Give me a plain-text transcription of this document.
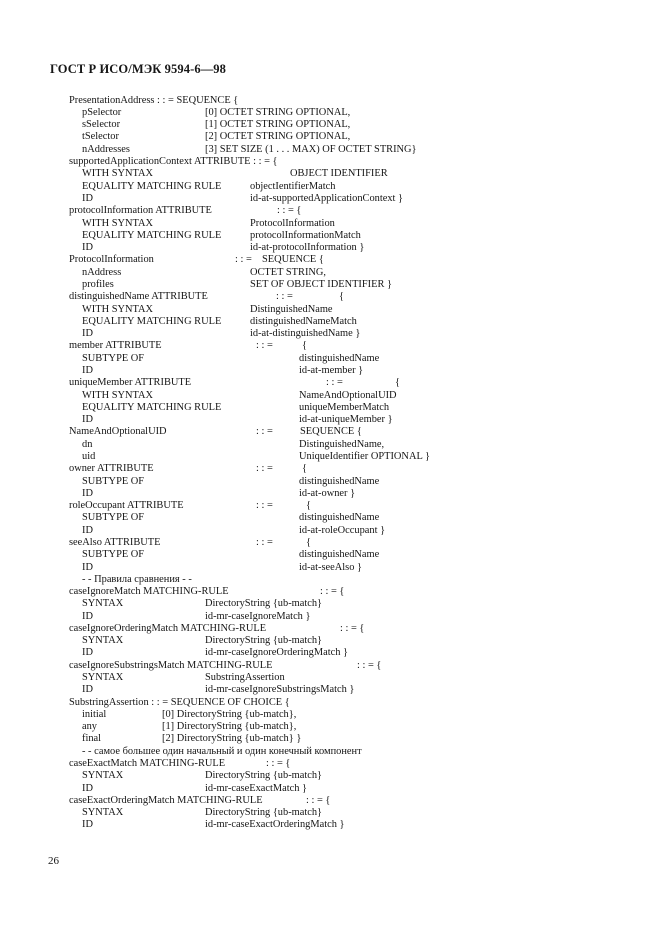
ГОСТ Р ИСО/МЭК 9594-6—98
PresentationAddress : : = SEQUENCE {
pSelector	[0] OCTET STRING OPTIONAL,
sSelector	[1] OCTET STRING OPTIONAL,
tSelector	[2] OCTET STRING OPTIONAL,
nAddresses	[3] SET SIZE (1 . . . MAX) OF OCTET STRING}
supportedApplicationContext ATTRIBUTE : : = {
WITH SYNTAX	OBJECT IDENTIFIER
EQUALITY MATCHING RULE	objectIentifierMatch
ID	id-at-supportedApplicationContext }
protocolInformation ATTRIBUTE	: : = {
WITH SYNTAX	ProtocolInformation
EQUALITY MATCHING RULE	protocolInformationMatch
ID	id-at-protocolInformation }
ProtocolInformation	: : = SEQUENCE {
nAddress	OCTET STRING,
profiles	SET OF OBJECT IDENTIFIER }
distinguishedName ATTRIBUTE	: : =	{
WITH SYNTAX	DistinguishedName
EQUALITY MATCHING RULE	distinguishedNameMatch
ID	id-at-distinguishedName }
member ATTRIBUTE	: : =	{
SUBTYPE OF	distinguishedName
ID	id-at-member }
uniqueMember ATTRIBUTE	: : =	{
WITH SYNTAX	NameAndOptionalUID
EQUALITY MATCHING RULE	uniqueMemberMatch
ID	id-at-uniqueMember }
NameAndOptionalUID	: : =	SEQUENCE {
dn	DistinguishedName,
uid	UniqueIdentifier OPTIONAL }
owner ATTRIBUTE	: : =	{
SUBTYPE OF	distinguishedName
ID	id-at-owner }
roleOccupant ATTRIBUTE	: : =	{
SUBTYPE OF	distinguishedName
ID	id-at-roleOccupant }
seeAlso ATTRIBUTE	: : =	{
SUBTYPE OF	distinguishedName
ID	id-at-seeAlso }
- - Правила сравнения - -
caseIgnoreMatch MATCHING-RULE	: : = {
SYNTAX	DirectoryString {ub-match}
ID	id-mr-caseIgnoreMatch }
caseIgnoreOrderingMatch MATCHING-RULE	: : = {
SYNTAX	DirectoryString {ub-match}
ID	id-mr-caseIgnoreOrderingMatch }
caseIgnoreSubstringsMatch MATCHING-RULE	: : = {
SYNTAX	SubstringAssertion
ID	id-mr-caseIgnoreSubstringsMatch }
SubstringAssertion : : = SEQUENCE OF CHOICE {
initial	[0] DirectoryString {ub-match},
any	[1] DirectoryString {ub-match},
final	[2] DirectoryString {ub-match} }
- - самое большее один начальный и один конечный компонент
caseExactMatch MATCHING-RULE	: : = {
SYNTAX	DirectoryString {ub-match}
ID	id-mr-caseExactMatch }
caseExactOrderingMatch MATCHING-RULE	: : = {
SYNTAX	DirectoryString {ub-match}
ID	id-mr-caseExactOrderingMatch }
26
